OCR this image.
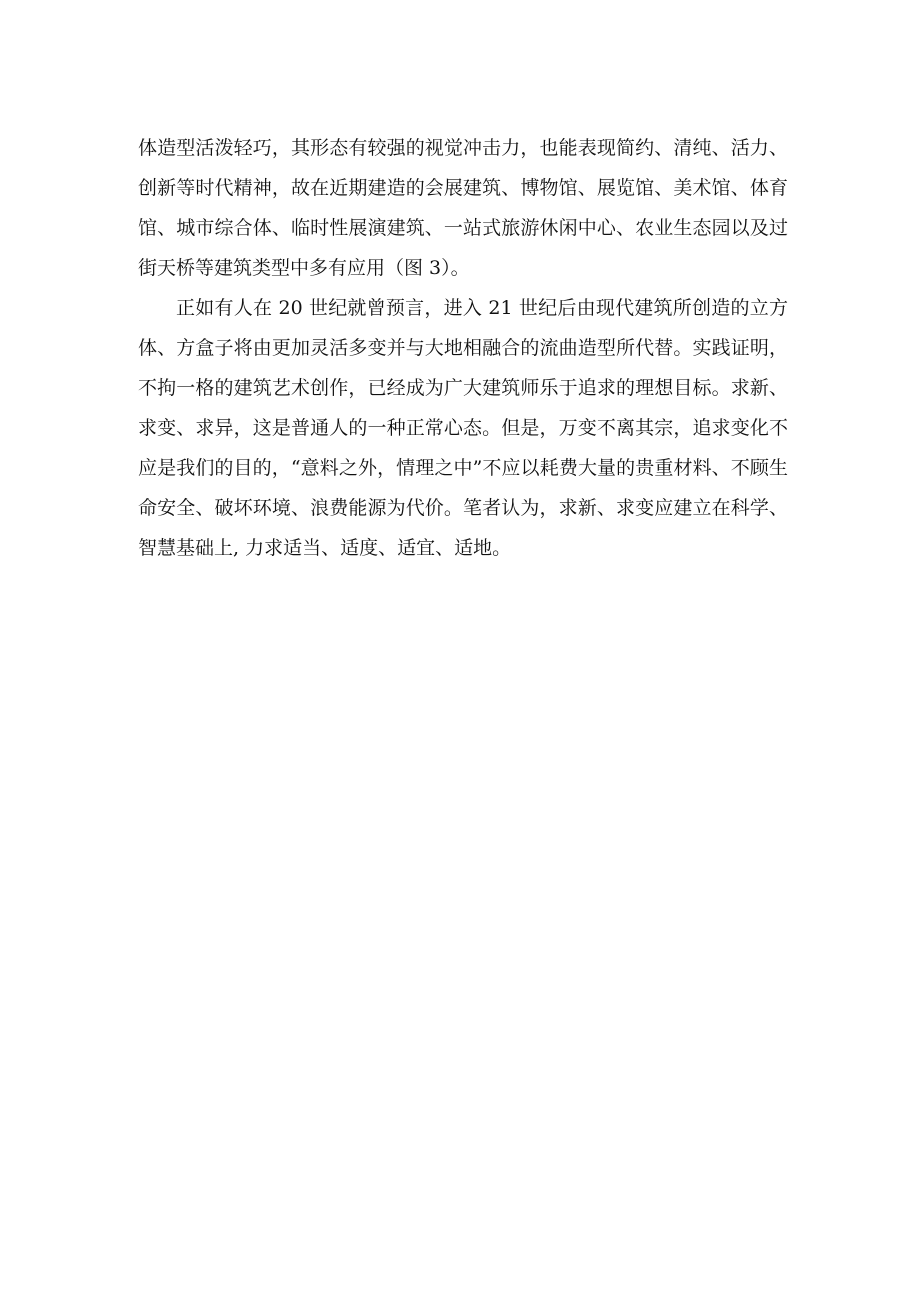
体造型活泼轻巧，其形态有较强的视觉冲击力，也能表现简约、清纯、活力、创新等时代精神，故在近期建造的会展建筑、博物馆、展览馆、美术馆、体育馆、城市综合体、临时性展演建筑、一站式旅游休闲中心、农业生态园以及过街天桥等建筑类型中多有应用（图 3）。

正如有人在 20 世纪就曾预言，进入 21 世纪后由现代建筑所创造的立方体、方盒子将由更加灵活多变并与大地相融合的流曲造型所代替。实践证明，不拘一格的建筑艺术创作，已经成为广大建筑师乐于追求的理想目标。求新、求变、求异，这是普通人的一种正常心态。但是，万变不离其宗，追求变化不应是我们的目的，“意料之外，情理之中”不应以耗费大量的贵重材料、不顾生命安全、破坏环境、浪费能源为代价。笔者认为，求新、求变应建立在科学、智慧基础上, 力求适当、适度、适宜、适地。
